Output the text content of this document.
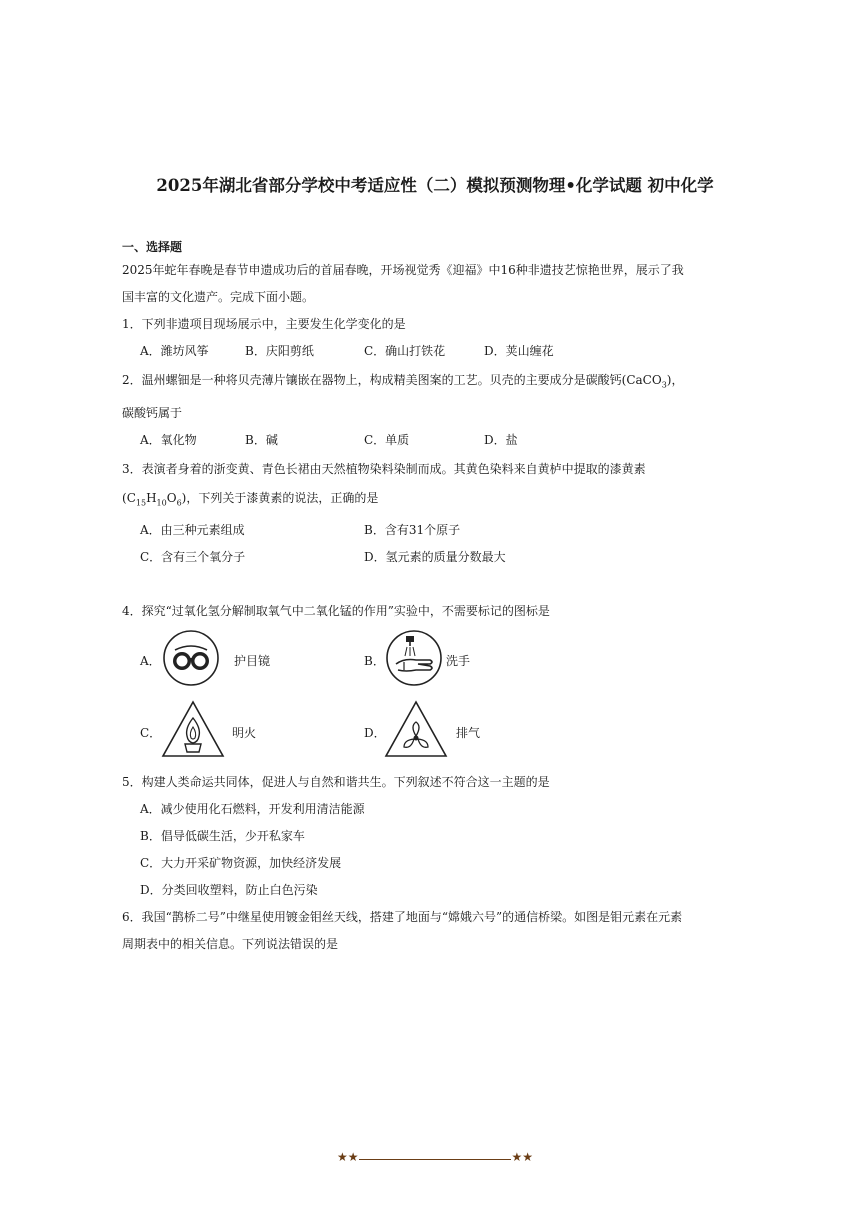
2025年湖北省部分学校中考适应性（二）模拟预测物理•化学试题 初中化学
一、选择题
2025年蛇年春晚是春节申遗成功后的首届春晚，开场视觉秀《迎福》中16种非遗技艺惊艳世界，展示了我
国丰富的文化遗产。完成下面小题。
1．下列非遗项目现场展示中，主要发生化学变化的是
A．潍坊风筝	B．庆阳剪纸	C．确山打铁花	D．荚山缠花
2．温州螺钿是一种将贝壳薄片镶嵌在器物上，构成精美图案的工艺。贝壳的主要成分是碳酸钙(CaCO$_3$)，
碳酸钙属于
A．氧化物	B．碱	C．单质	D．盐
3．表演者身着的浙变黄、青色长裙由天然植物染料染制而成。其黄色染料来自黄栌中提取的漆黄素
$(C_{15}H_{10}O_6)$，下列关于漆黄素的说法，正确的是
A．由三种元素组成	B．含有31个原子
C．含有三个氧分子	D．氢元素的质量分数最大
4．探究“过氧化氢分解制取氧气中二氧化锰的作用”实验中，不需要标记的图标是
A．	护目镜	B．	洗手
C．	明火	D．	排气
5．构建人类命运共同体，促进人与自然和谐共生。下列叙述不符合这一主题的是
A．减少使用化石燃料，开发利用清洁能源
B．倡导低碳生活，少开私家车
C．大力开采矿物资源，加快经济发展
D．分类回收塑料，防止白色污染
6．我国“鹊桥二号”中继星使用镀金钼丝天线，搭建了地面与“嫦娥六号”的通信桥梁。如图是钼元素在元素
周期表中的相关信息。下列说法错误的是
★★	★★
